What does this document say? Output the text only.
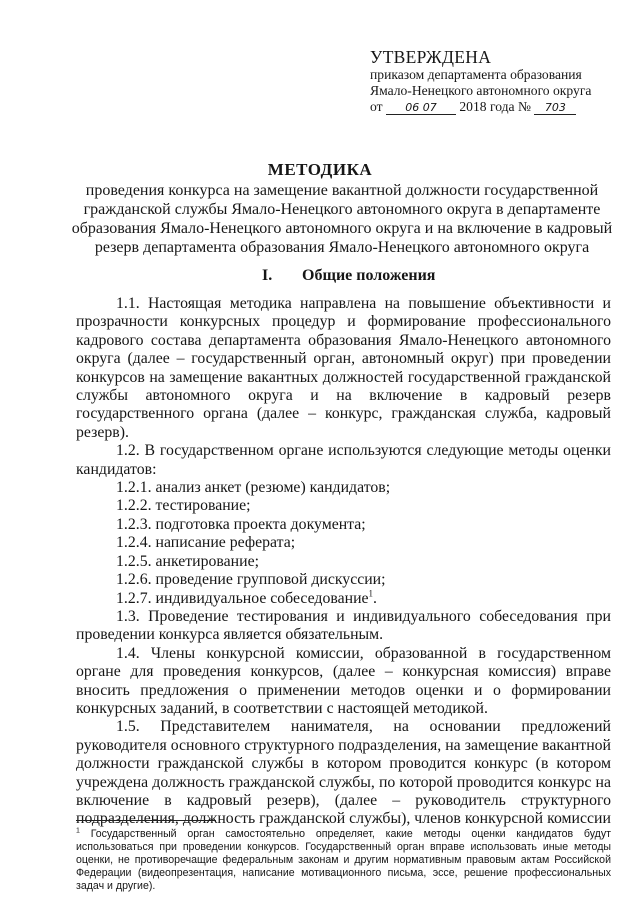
УТВЕРЖДЕНА
приказом департамента образования
Ямало-Ненецкого автономного округа
от 06 07 2018 года № 703
МЕТОДИКА

проведения конкурса на замещение вакантной должности государственной гражданской службы Ямало-Ненецкого автономного округа в департаменте образования Ямало-Ненецкого автономного округа и на включение в кадровый резерв департамента образования Ямало-Ненецкого автономного округа

I. Общие положения

1.1. Настоящая методика направлена на повышение объективности и прозрачности конкурсных процедур и формирование профессионального кадрового состава департамента образования Ямало-Ненецкого автономного округа (далее – государственный орган, автономный округ) при проведении конкурсов на замещение вакантных должностей государственной гражданской службы автономного округа и на включение в кадровый резерв государственного органа (далее – конкурс, гражданская служба, кадровый резерв).

1.2. В государственном органе используются следующие методы оценки кандидатов:

1.2.1. анализ анкет (резюме) кандидатов;

1.2.2. тестирование;

1.2.3. подготовка проекта документа;

1.2.4. написание реферата;

1.2.5. анкетирование;

1.2.6. проведение групповой дискуссии;

1.2.7. индивидуальное собеседование$^1$.

1.3. Проведение тестирования и индивидуального собеседования при проведении конкурса является обязательным.

1.4. Члены конкурсной комиссии, образованной в государственном органе для проведения конкурсов, (далее – конкурсная комиссия) вправе вносить предложения о применении методов оценки и о формировании конкурсных заданий, в соответствии с настоящей методикой.

1.5. Представителем нанимателя, на основании предложений руководителя основного структурного подразделения, на замещение вакантной должности гражданской службы в котором проводится конкурс (в котором учреждена должность гражданской службы, по которой проводится конкурс на включение в кадровый резерв), (далее – руководитель структурного подразделения, должность гражданской службы), членов конкурсной комиссии

$^1$ Государственный орган самостоятельно определяет, какие методы оценки кандидатов будут использоваться при проведении конкурсов. Государственный орган вправе использовать иные методы оценки, не противоречащие федеральным законам и другим нормативным правовым актам Российской Федерации (видеопрезентация, написание мотивационного письма, эссе, решение профессиональных задач и другие).
